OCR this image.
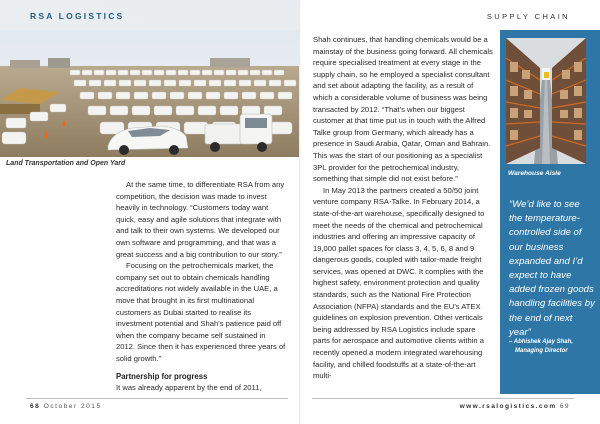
RSA LOGISTICS	SUPPLY CHAIN
Land Transportation and Open Yard

At the same time, to differentiate RSA from any competition, the decision was made to invest heavily in technology. “Customers today want quick, easy and agile solutions that integrate with and talk to their own systems. We developed our own software and programming, and that was a great success and a big contribution to our story.”

Focusing on the petrochemicals market, the company set out to obtain chemicals handling accreditations not widely available in the UAE, a move that brought in its first multinational customers as Dubai started to realise its investment potential and Shah’s patience paid off when the company became self sustained in 2012. Since then it has experienced three years of solid growth.”

Partnership for progress

It was already apparent by the end of 2011,

Shah continues, that handling chemicals would be a mainstay of the business going forward. All chemicals require specialised treatment at every stage in the supply chain, so he employed a specialist consultant and set about adapting the facility, as a result of which a considerable volume of business was being transacted by 2012. “That’s when our biggest customer at that time put us in touch with the Alfred Talke group from Germany, which already has a presence in Saudi Arabia, Qatar, Oman and Bahrain. This was the start of our positioning as a specialist 3PL provider for the petrochemical industry, something that simple did not exist before.”

In May 2013 the partners created a 50/50 joint venture company RSA-Talke. In February 2014, a state-of-the-art warehouse, specifically designed to meet the needs of the chemical and petrochemical industries and offering an impressive capacity of 19,000 pallet spaces for class 3, 4, 5, 6, 8 and 9 dangerous goods, coupled with tailor-made freight services, was opened at DWC. It complies with the highest safety, environment protection and quality standards, such as the National Fire Protection Association (NFPA) standards and the EU’s ATEX guidelines on explosion prevention. Other verticals being addressed by RSA Logistics include spare parts for aerospace and automotive clients within a recently opened a modern integrated warehousing facility, and chilled foodstuffs at a state-of-the-art multi-

Warehouse Aisle
“We’d like to see the temperature-controlled side of our business expanded and I’d expect to have added frozen goods handling facilities by the end of next year”
– Abhishek Ajay Shah,
Managing Director
68 October 2015	www.rsalogistics.com 69
